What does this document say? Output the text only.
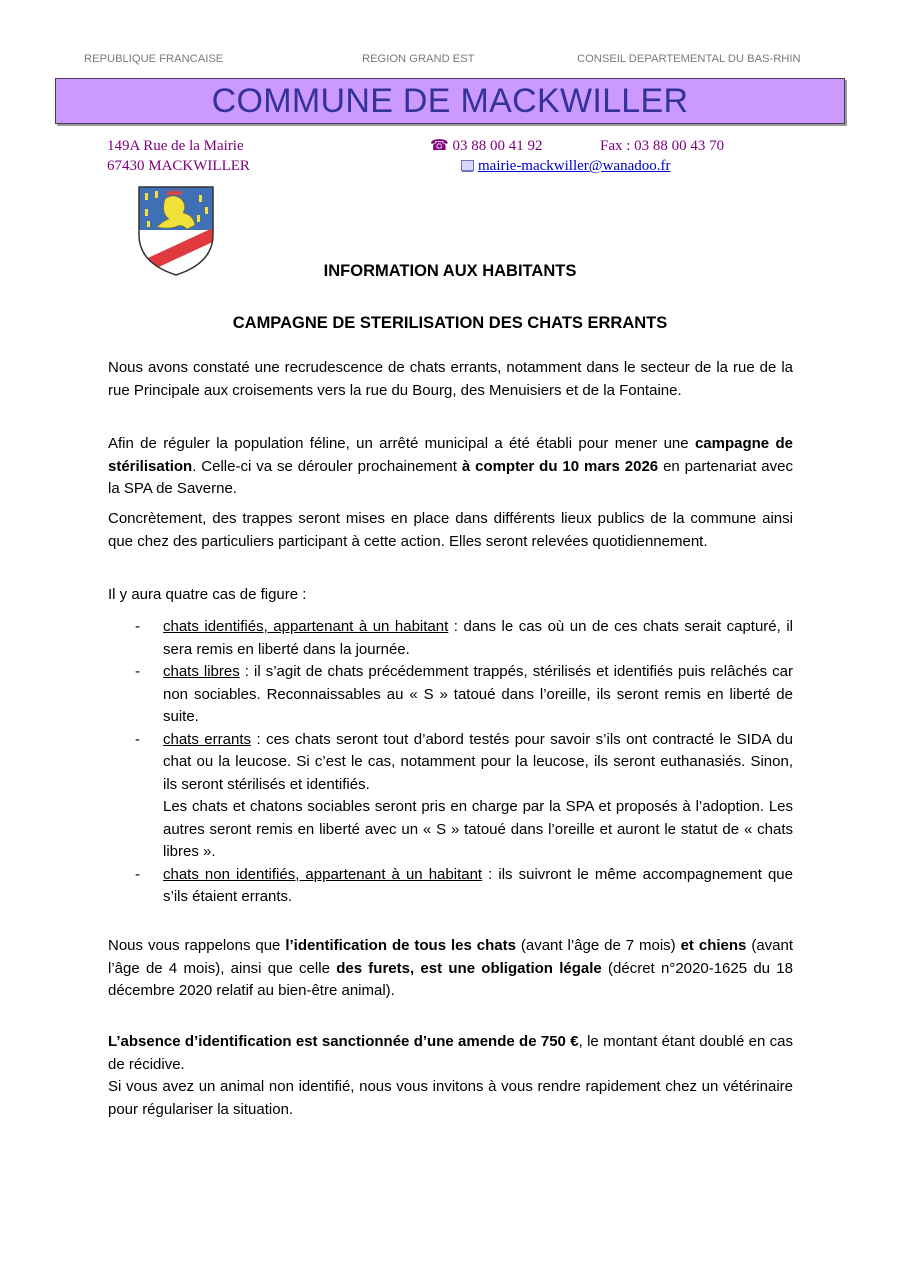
REPUBLIQUE FRANCAISE	REGION GRAND EST	CONSEIL DEPARTEMENTAL DU BAS-RHIN
COMMUNE DE MACKWILLER
149A Rue de la Mairie
67430 MACKWILLER
☎ 03 88 00 41 92	Fax : 03 88 00 43 70
mairie-mackwiller@wanadoo.fr
INFORMATION AUX HABITANTS
CAMPAGNE DE STERILISATION DES CHATS ERRANTS

Nous avons constaté une recrudescence de chats errants, notamment dans le secteur de la rue de la rue Principale aux croisements vers la rue du Bourg, des Menuisiers et de la Fontaine.

Afin de réguler la population féline, un arrêté municipal a été établi pour mener une campagne de stérilisation. Celle-ci va se dérouler prochainement à compter du 10 mars 2026 en partenariat avec la SPA de Saverne.

Concrètement, des trappes seront mises en place dans différents lieux publics de la commune ainsi que chez des particuliers participant à cette action. Elles seront relevées quotidiennement.

Il y aura quatre cas de figure :

- chats identifiés, appartenant à un habitant : dans le cas où un de ces chats serait capturé, il sera remis en liberté dans la journée.
- chats libres : il s’agit de chats précédemment trappés, stérilisés et identifiés puis relâchés car non sociables. Reconnaissables au « S » tatoué dans l’oreille, ils seront remis en liberté de suite.
- chats errants : ces chats seront tout d’abord testés pour savoir s’ils ont contracté le SIDA du chat ou la leucose. Si c’est le cas, notamment pour la leucose, ils seront euthanasiés. Sinon, ils seront stérilisés et identifiés.
Les chats et chatons sociables seront pris en charge par la SPA et proposés à l’adoption. Les autres seront remis en liberté avec un « S » tatoué dans l’oreille et auront le statut de « chats libres ».
- chats non identifiés, appartenant à un habitant : ils suivront le même accompagnement que s’ils étaient errants.

Nous vous rappelons que l’identification de tous les chats (avant l’âge de 7 mois) et chiens (avant l’âge de 4 mois), ainsi que celle des furets, est une obligation légale (décret n°2020-1625 du 18 décembre 2020 relatif au bien-être animal).

L’absence d’identification est sanctionnée d’une amende de 750 €, le montant étant doublé en cas de récidive.

Si vous avez un animal non identifié, nous vous invitons à vous rendre rapidement chez un vétérinaire pour régulariser la situation.
